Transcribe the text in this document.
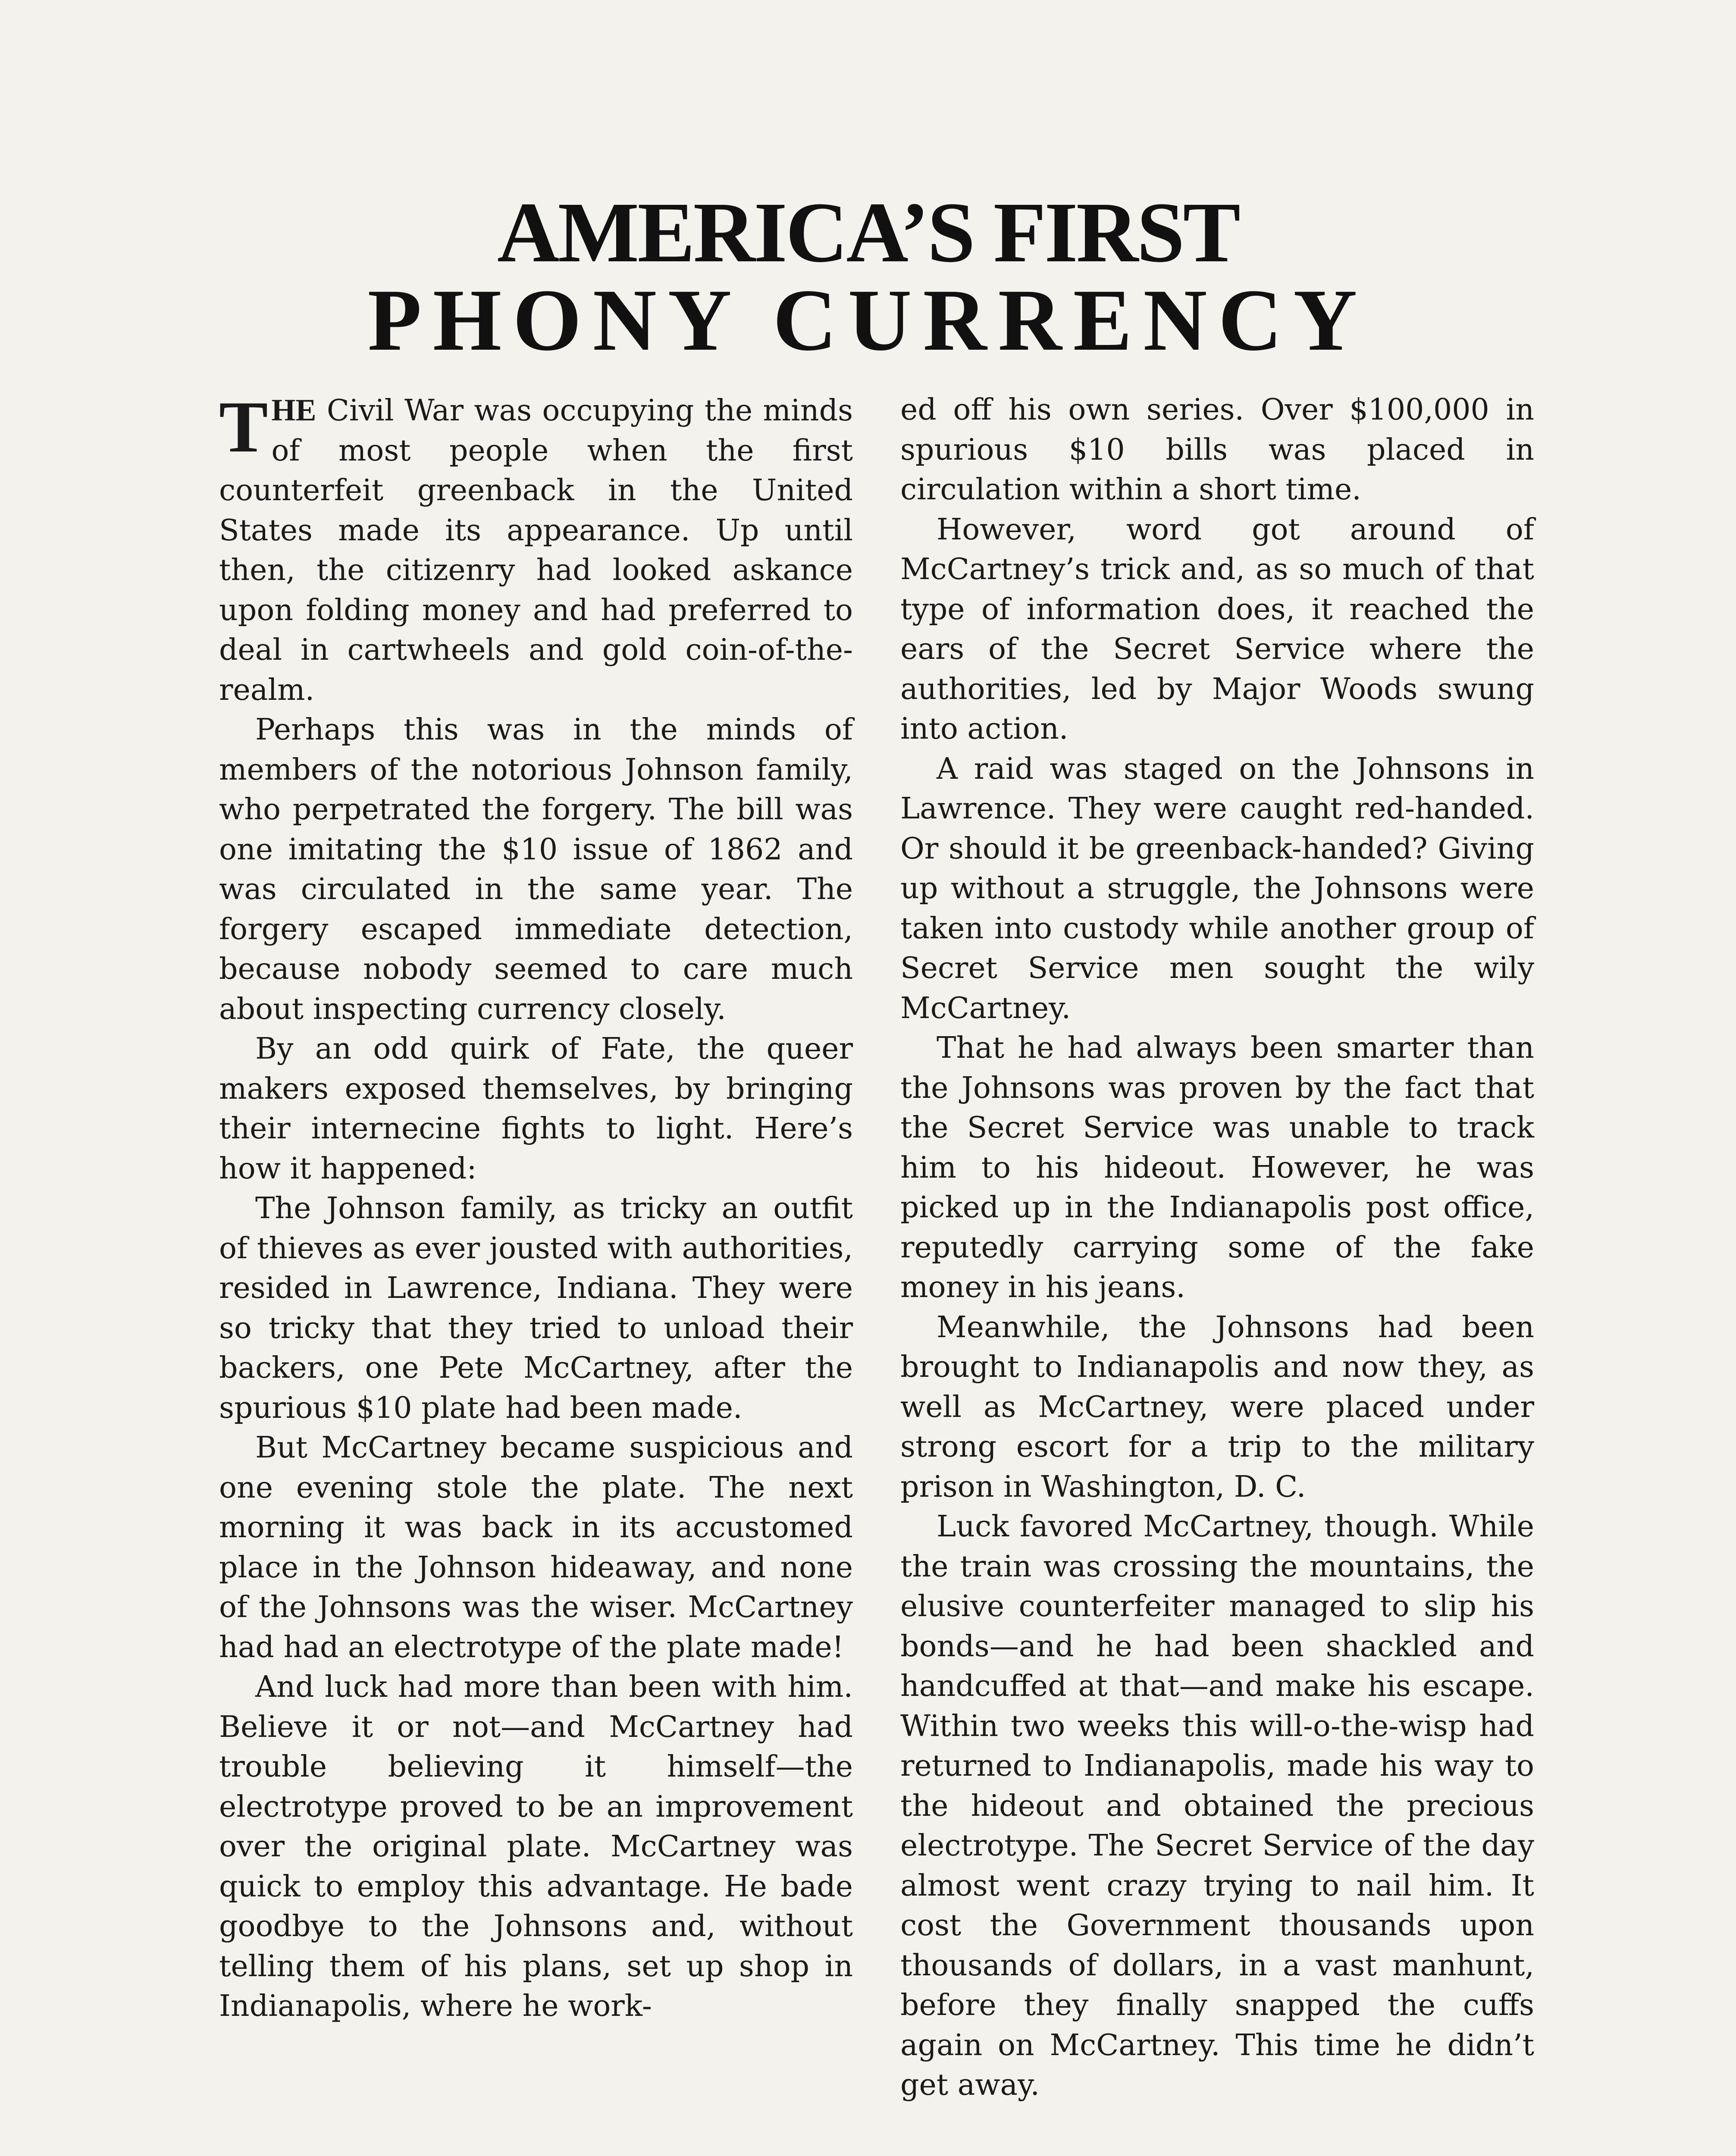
AMERICA’S FIRST
PHONY CURRENCY

THE Civil War was occupying the minds of most people when the first counterfeit greenback in the United States made its appearance. Up until then, the citizenry had looked askance upon folding money and had preferred to deal in cartwheels and gold coin-of-the-realm.

Perhaps this was in the minds of members of the notorious Johnson family, who perpetrated the forgery. The bill was one imitating the $10 issue of 1862 and was circulated in the same year. The forgery escaped immediate detection, because nobody seemed to care much about inspecting currency closely.

By an odd quirk of Fate, the queer makers exposed themselves, by bringing their internecine fights to light. Here’s how it happened:

The Johnson family, as tricky an outfit of thieves as ever jousted with authorities, resided in Lawrence, Indiana. They were so tricky that they tried to unload their backers, one Pete McCartney, after the spurious $10 plate had been made.

But McCartney became suspicious and one evening stole the plate. The next morning it was back in its accustomed place in the Johnson hideaway, and none of the Johnsons was the wiser. McCartney had had an electrotype of the plate made!

And luck had more than been with him. Believe it or not—and McCartney had trouble believing it himself—the electrotype proved to be an improvement over the original plate. McCartney was quick to employ this advantage. He bade goodbye to the Johnsons and, without telling them of his plans, set up shop in Indianapolis, where he work-

ed off his own series. Over $100,000 in spurious $10 bills was placed in circulation within a short time.

However, word got around of McCartney’s trick and, as so much of that type of information does, it reached the ears of the Secret Service where the authorities, led by Major Woods swung into action.

A raid was staged on the Johnsons in Lawrence. They were caught red-handed. Or should it be greenback-handed? Giving up without a struggle, the Johnsons were taken into custody while another group of Secret Service men sought the wily McCartney.

That he had always been smarter than the Johnsons was proven by the fact that the Secret Service was unable to track him to his hideout. However, he was picked up in the Indianapolis post office, reputedly carrying some of the fake money in his jeans.

Meanwhile, the Johnsons had been brought to Indianapolis and now they, as well as McCartney, were placed under strong escort for a trip to the military prison in Washington, D. C.

Luck favored McCartney, though. While the train was crossing the mountains, the elusive counterfeiter managed to slip his bonds—and he had been shackled and handcuffed at that—and make his escape. Within two weeks this will-o-the-wisp had returned to Indianapolis, made his way to the hideout and obtained the precious electrotype. The Secret Service of the day almost went crazy trying to nail him. It cost the Government thousands upon thousands of dollars, in a vast manhunt, before they finally snapped the cuffs again on McCartney. This time he didn’t get away.
